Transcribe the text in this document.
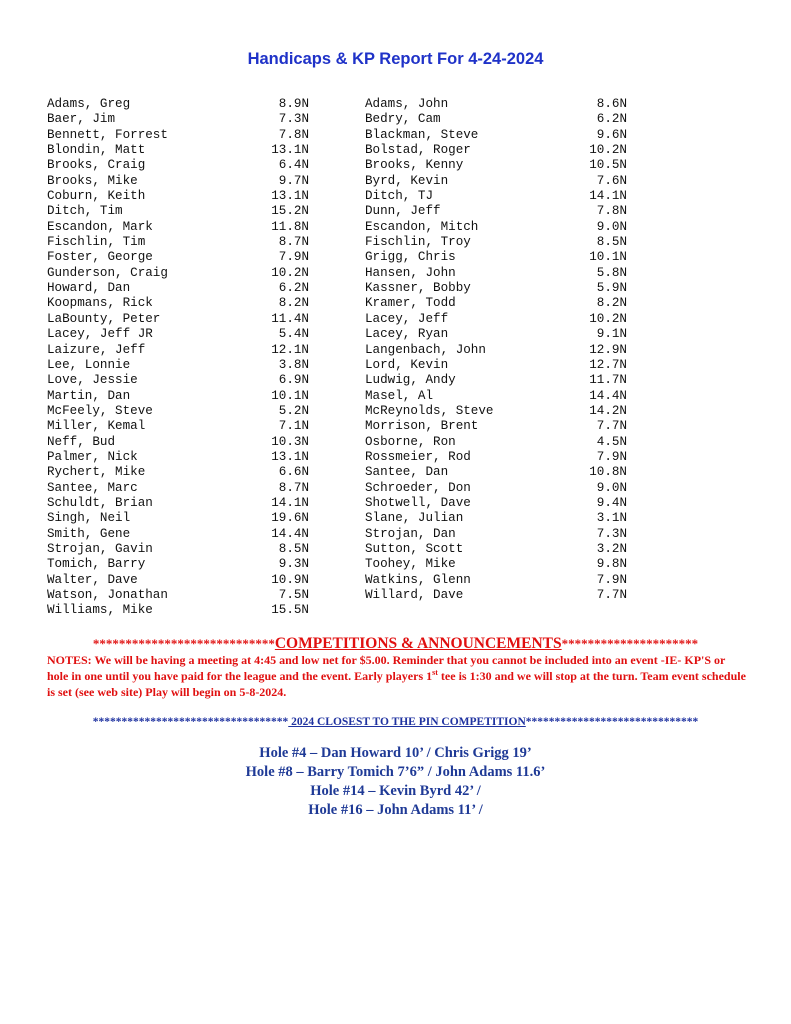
Handicaps & KP Report For 4-24-2024
Adams, Greg	8.9N
Baer, Jim	7.3N
Bennett, Forrest	7.8N
Blondin, Matt	13.1N
Brooks, Craig	6.4N
Brooks, Mike	9.7N
Coburn, Keith	13.1N
Ditch, Tim	15.2N
Escandon, Mark	11.8N
Fischlin, Tim	8.7N
Foster, George	7.9N
Gunderson, Craig	10.2N
Howard, Dan	6.2N
Koopmans, Rick	8.2N
LaBounty, Peter	11.4N
Lacey, Jeff JR	5.4N
Laizure, Jeff	12.1N
Lee, Lonnie	3.8N
Love, Jessie	6.9N
Martin, Dan	10.1N
McFeely, Steve	5.2N
Miller, Kemal	7.1N
Neff, Bud	10.3N
Palmer, Nick	13.1N
Rychert, Mike	6.6N
Santee, Marc	8.7N
Schuldt, Brian	14.1N
Singh, Neil	19.6N
Smith, Gene	14.4N
Strojan, Gavin	8.5N
Tomich, Barry	9.3N
Walter, Dave	10.9N
Watson, Jonathan	7.5N
Williams, Mike	15.5N
Adams, John	8.6N
Bedry, Cam	6.2N
Blackman, Steve	9.6N
Bolstad, Roger	10.2N
Brooks, Kenny	10.5N
Byrd, Kevin	7.6N
Ditch, TJ	14.1N
Dunn, Jeff	7.8N
Escandon, Mitch	9.0N
Fischlin, Troy	8.5N
Grigg, Chris	10.1N
Hansen, John	5.8N
Kassner, Bobby	5.9N
Kramer, Todd	8.2N
Lacey, Jeff	10.2N
Lacey, Ryan	9.1N
Langenbach, John	12.9N
Lord, Kevin	12.7N
Ludwig, Andy	11.7N
Masel, Al	14.4N
McReynolds, Steve	14.2N
Morrison, Brent	7.7N
Osborne, Ron	4.5N
Rossmeier, Rod	7.9N
Santee, Dan	10.8N
Schroeder, Don	9.0N
Shotwell, Dave	9.4N
Slane, Julian	3.1N
Strojan, Dan	7.3N
Sutton, Scott	3.2N
Toohey, Mike	9.8N
Watkins, Glenn	7.9N
Willard, Dave	7.7N
****************************COMPETITIONS & ANNOUNCEMENTS*********************
NOTES: We will be having a meeting at 4:45 and low net for $5.00. Reminder that you cannot be included into an event -IE- KP'S or hole in one until you have paid for the league and the event. Early players 1st tee is 1:30 and we will stop at the turn. Team event schedule is set (see web site) Play will begin on 5-8-2024.
********************************** 2024 CLOSEST TO THE PIN COMPETITION******************************
Hole #4 – Dan Howard 10’ / Chris Grigg 19’
Hole #8 – Barry Tomich 7’6” / John Adams 11.6’
Hole #14 – Kevin Byrd 42’ /
Hole #16 – John Adams 11’ /
